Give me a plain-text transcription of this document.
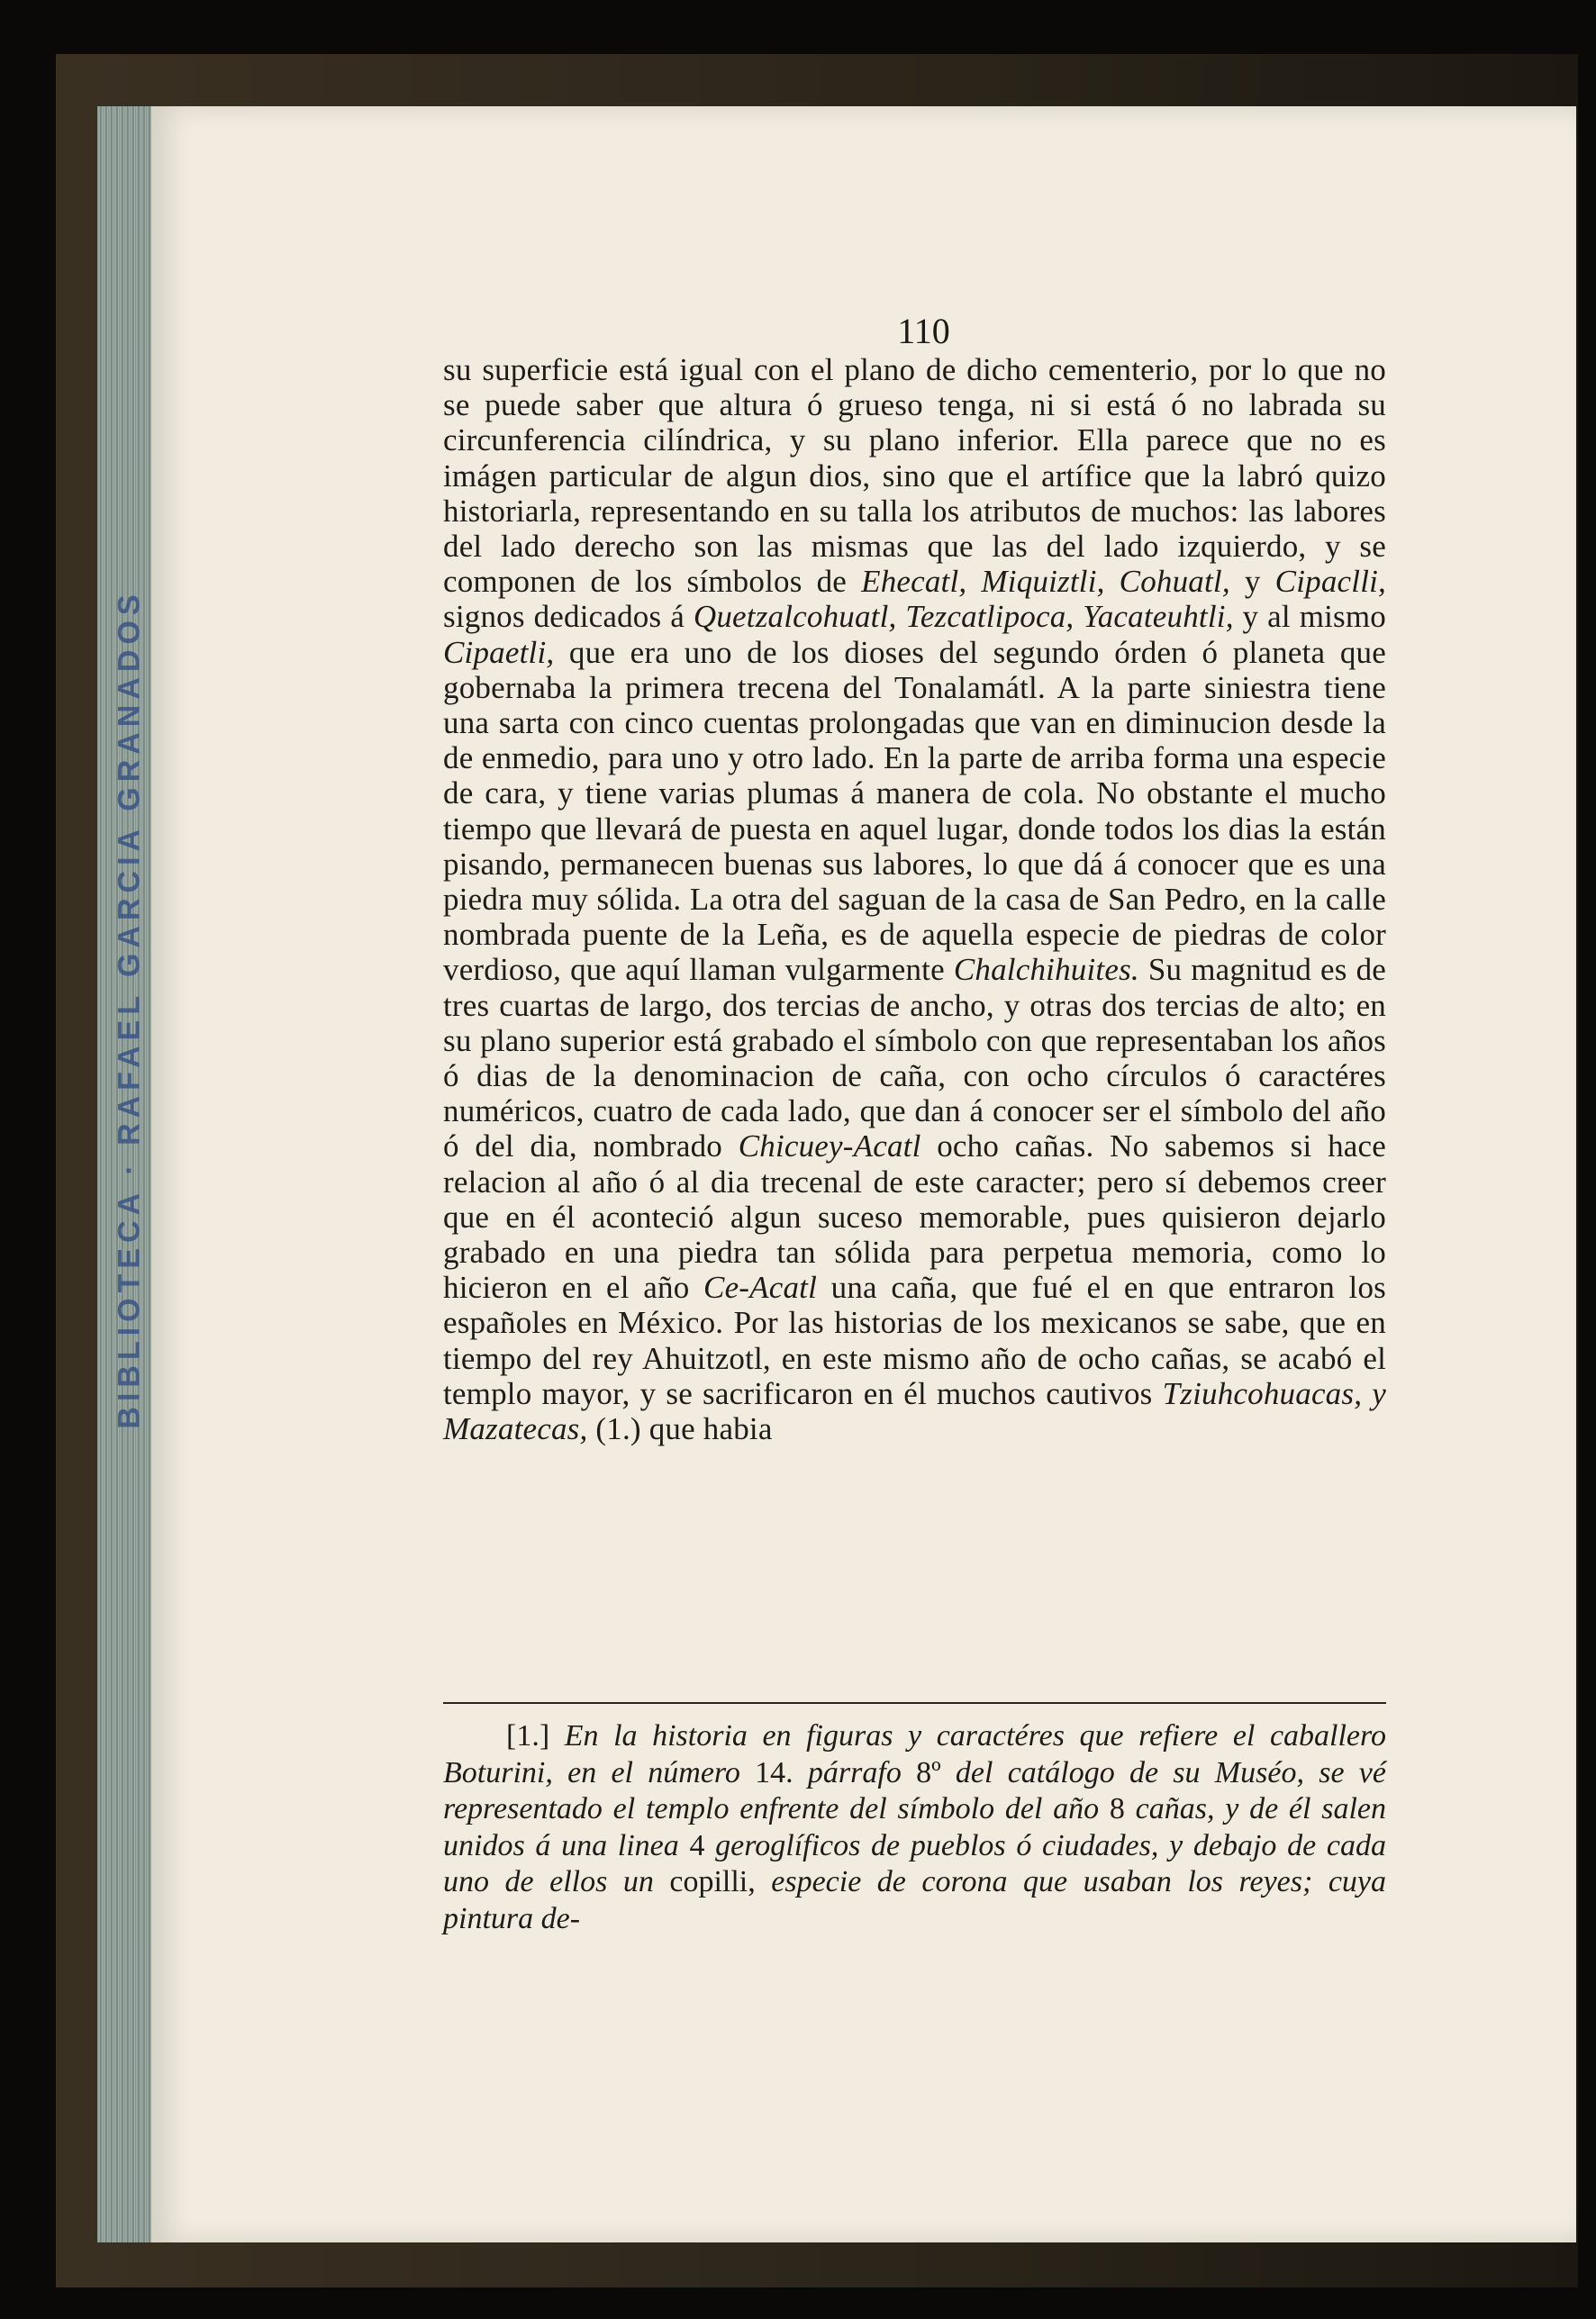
BIBLIOTECA · RAFAEL GARCIA GRANADOS
110

su superficie está igual con el plano de dicho cementerio, por lo que no se puede saber que altura ó grueso tenga, ni si está ó no labrada su circunferencia cilíndrica, y su plano inferior. Ella parece que no es imágen particular de algun dios, sino que el artífice que la labró quizo historiarla, representando en su talla los atributos de muchos: las labores del lado derecho son las mismas que las del lado izquierdo, y se componen de los símbolos de Ehecatl, Miquiztli, Cohuatl, y Cipaclli, signos dedicados á Quetzalcohuatl, Tezcatlipoca, Yacateuhtli, y al mismo Cipaetli, que era uno de los dioses del segundo órden ó planeta que gobernaba la primera trecena del Tonalamátl. A la parte siniestra tiene una sarta con cinco cuentas prolongadas que van en diminucion desde la de enmedio, para uno y otro lado. En la parte de arriba forma una especie de cara, y tiene varias plumas á manera de cola. No obstante el mucho tiempo que llevará de puesta en aquel lugar, donde todos los dias la están pisando, permanecen buenas sus labores, lo que dá á conocer que es una piedra muy sólida. La otra del saguan de la casa de San Pedro, en la calle nombrada puente de la Leña, es de aquella especie de piedras de color verdioso, que aquí llaman vulgarmente Chalchihuites. Su magnitud es de tres cuartas de largo, dos tercias de ancho, y otras dos tercias de alto; en su plano superior está grabado el símbolo con que representaban los años ó dias de la denominacion de caña, con ocho círculos ó caractéres numéricos, cuatro de cada lado, que dan á conocer ser el símbolo del año ó del dia, nombrado Chicuey-Acatl ocho cañas. No sabemos si hace relacion al año ó al dia trecenal de este caracter; pero sí debemos creer que en él aconteció algun suceso memorable, pues quisieron dejarlo grabado en una piedra tan sólida para perpetua memoria, como lo hicieron en el año Ce-Acatl una caña, que fué el en que entraron los españoles en México. Por las historias de los mexicanos se sabe, que en tiempo del rey Ahuitzotl, en este mismo año de ocho cañas, se acabó el templo mayor, y se sacrificaron en él muchos cautivos Tziuhcohuacas, y Mazatecas, (1.) que habia

[1.] En la historia en figuras y caractéres que refiere el caballero Boturini, en el número 14. párrafo 8º del catálogo de su Muséo, se vé representado el templo enfrente del símbolo del año 8 cañas, y de él salen unidos á una linea 4 geroglíficos de pueblos ó ciudades, y debajo de cada uno de ellos un copilli, especie de corona que usaban los reyes; cuya pintura de-
